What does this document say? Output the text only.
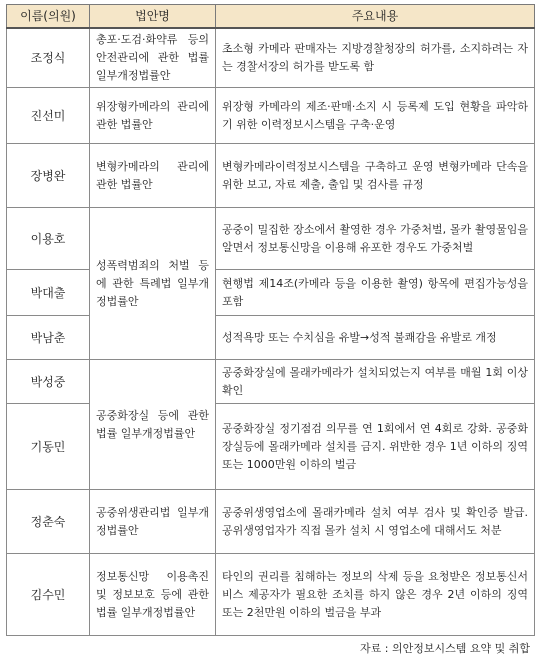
이름(의원)	법안명	주요내용
조정식	총포·도검·화약류 등의 안전관리에 관한 법률 일부개정법률안	초소형 카메라 판매자는 지방경찰청장의 허가를, 소지하려는 자는 경찰서장의 허가를 받도록 함
진선미	위장형카메라의 관리에 관한 법률안	위장형 카메라의 제조·판매·소지 시 등록제 도입 현황을 파악하기 위한 이력정보시스템을 구축·운영
장병완	변형카메라의 관리에 관한 법률안	변형카메라이력정보시스템을 구축하고 운영 변형카메라 단속을 위한 보고, 자료 제출, 출입 및 검사를 규정
이용호	성폭력범죄의 처벌 등에 관한 특례법 일부개정법률안	공중이 밀집한 장소에서 촬영한 경우 가중처벌, 몰카 촬영물임을 알면서 정보통신망을 이용해 유포한 경우도 가중처벌
박대출		현행법 제14조(카메라 등을 이용한 촬영) 항목에 편집가능성을 포함
박남춘		성적욕망 또는 수치심을 유발→성적 불쾌감을 유발로 개정
박성중	공중화장실 등에 관한 법률 일부개정법률안	공중화장실에 몰래카메라가 설치되었는지 여부를 매월 1회 이상 확인
기동민		공중화장실 정기점검 의무를 연 1회에서 연 4회로 강화. 공중화장실등에 몰래카메라 설치를 금지. 위반한 경우 1년 이하의 징역 또는 1000만원 이하의 벌금
정춘숙	공중위생관리법 일부개정법률안	공중위생영업소에 몰래카메라 설치 여부 검사 및 확인증 발급. 공위생영업자가 직접 몰카 설치 시 영업소에 대해서도 처분
김수민	정보통신망 이용촉진 및 정보보호 등에 관한 법률 일부개정법률안	타인의 권리를 침해하는 정보의 삭제 등을 요청받은 정보통신서비스 제공자가 필요한 조치를 하지 않은 경우 2년 이하의 징역 또는 2천만원 이하의 벌금을 부과
자료 : 의안정보시스템 요약 및 취합
